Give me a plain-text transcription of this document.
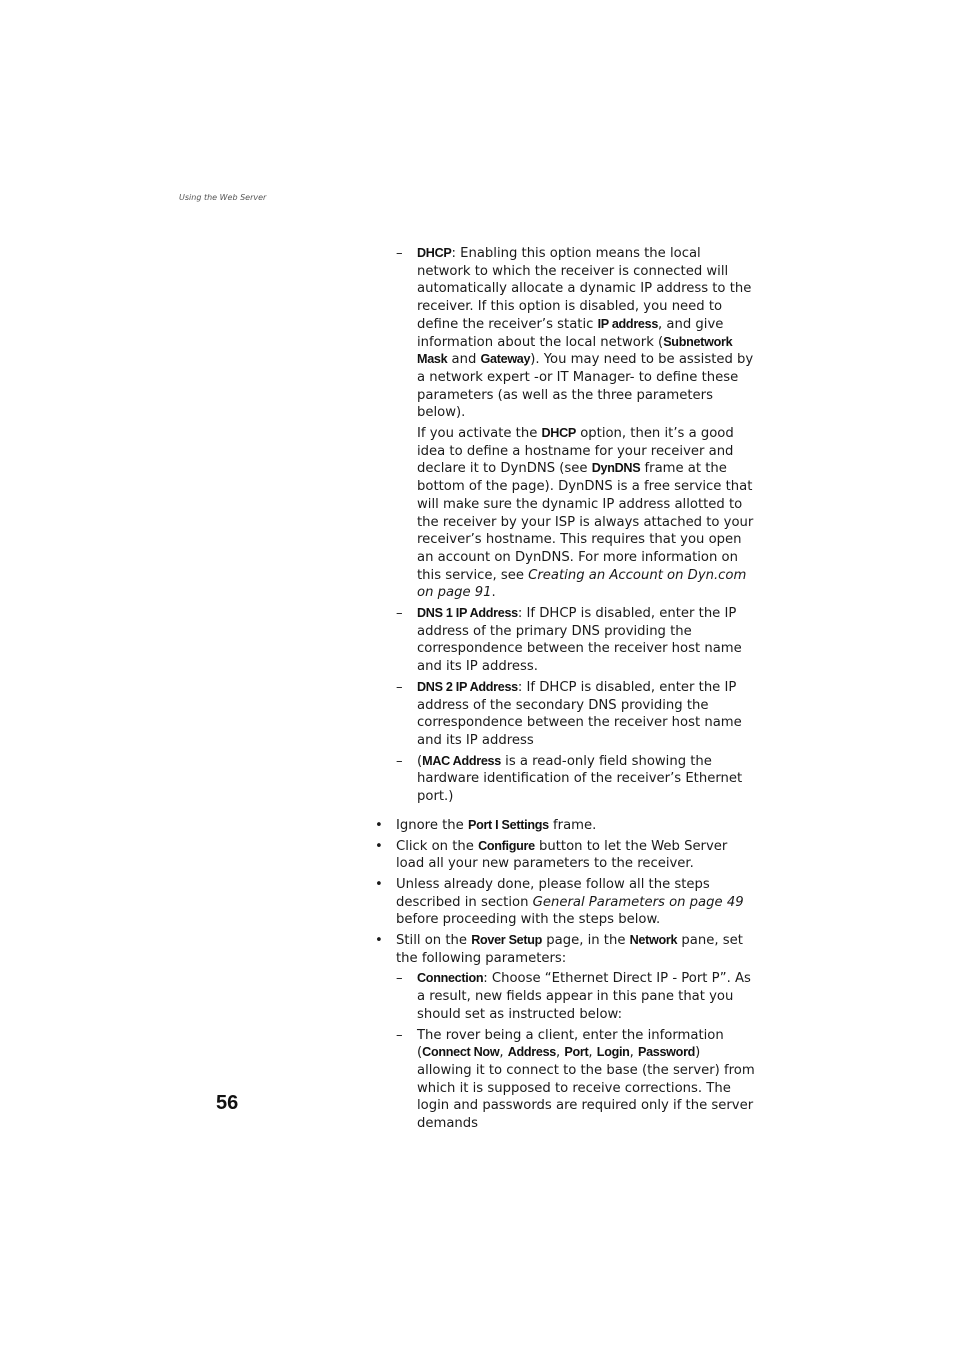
Using the Web Server
– DHCP: Enabling this option means the local network to which the receiver is connected will automatically allocate a dynamic IP address to the receiver. If this option is disabled, you need to define the receiver’s static IP address, and give information about the local network (Subnetwork Mask and Gateway). You may need to be assisted by a network expert -or IT Manager- to define these parameters (as well as the three parameters below).
If you activate the DHCP option, then it’s a good idea to define a hostname for your receiver and declare it to DynDNS (see DynDNS frame at the bottom of the page). DynDNS is a free service that will make sure the dynamic IP address allotted to the receiver by your ISP is always attached to your receiver’s hostname. This requires that you open an account on DynDNS. For more information on this service, see Creating an Account on Dyn.com on page 91.
– DNS 1 IP Address: If DHCP is disabled, enter the IP address of the primary DNS providing the correspondence between the receiver host name and its IP address.
– DNS 2 IP Address: If DHCP is disabled, enter the IP address of the secondary DNS providing the correspondence between the receiver host name and its IP address
– (MAC Address is a read-only field showing the hardware identification of the receiver’s Ethernet port.)
• Ignore the Port I Settings frame.
• Click on the Configure button to let the Web Server load all your new parameters to the receiver.
• Unless already done, please follow all the steps described in section General Parameters on page 49 before proceeding with the steps below.
• Still on the Rover Setup page, in the Network pane, set the following parameters:
– Connection: Choose “Ethernet Direct IP - Port P”. As a result, new fields appear in this pane that you should set as instructed below:
– The rover being a client, enter the information (Connect Now, Address, Port, Login, Password) allowing it to connect to the base (the server) from which it is supposed to receive corrections. The login and passwords are required only if the server demands
56
